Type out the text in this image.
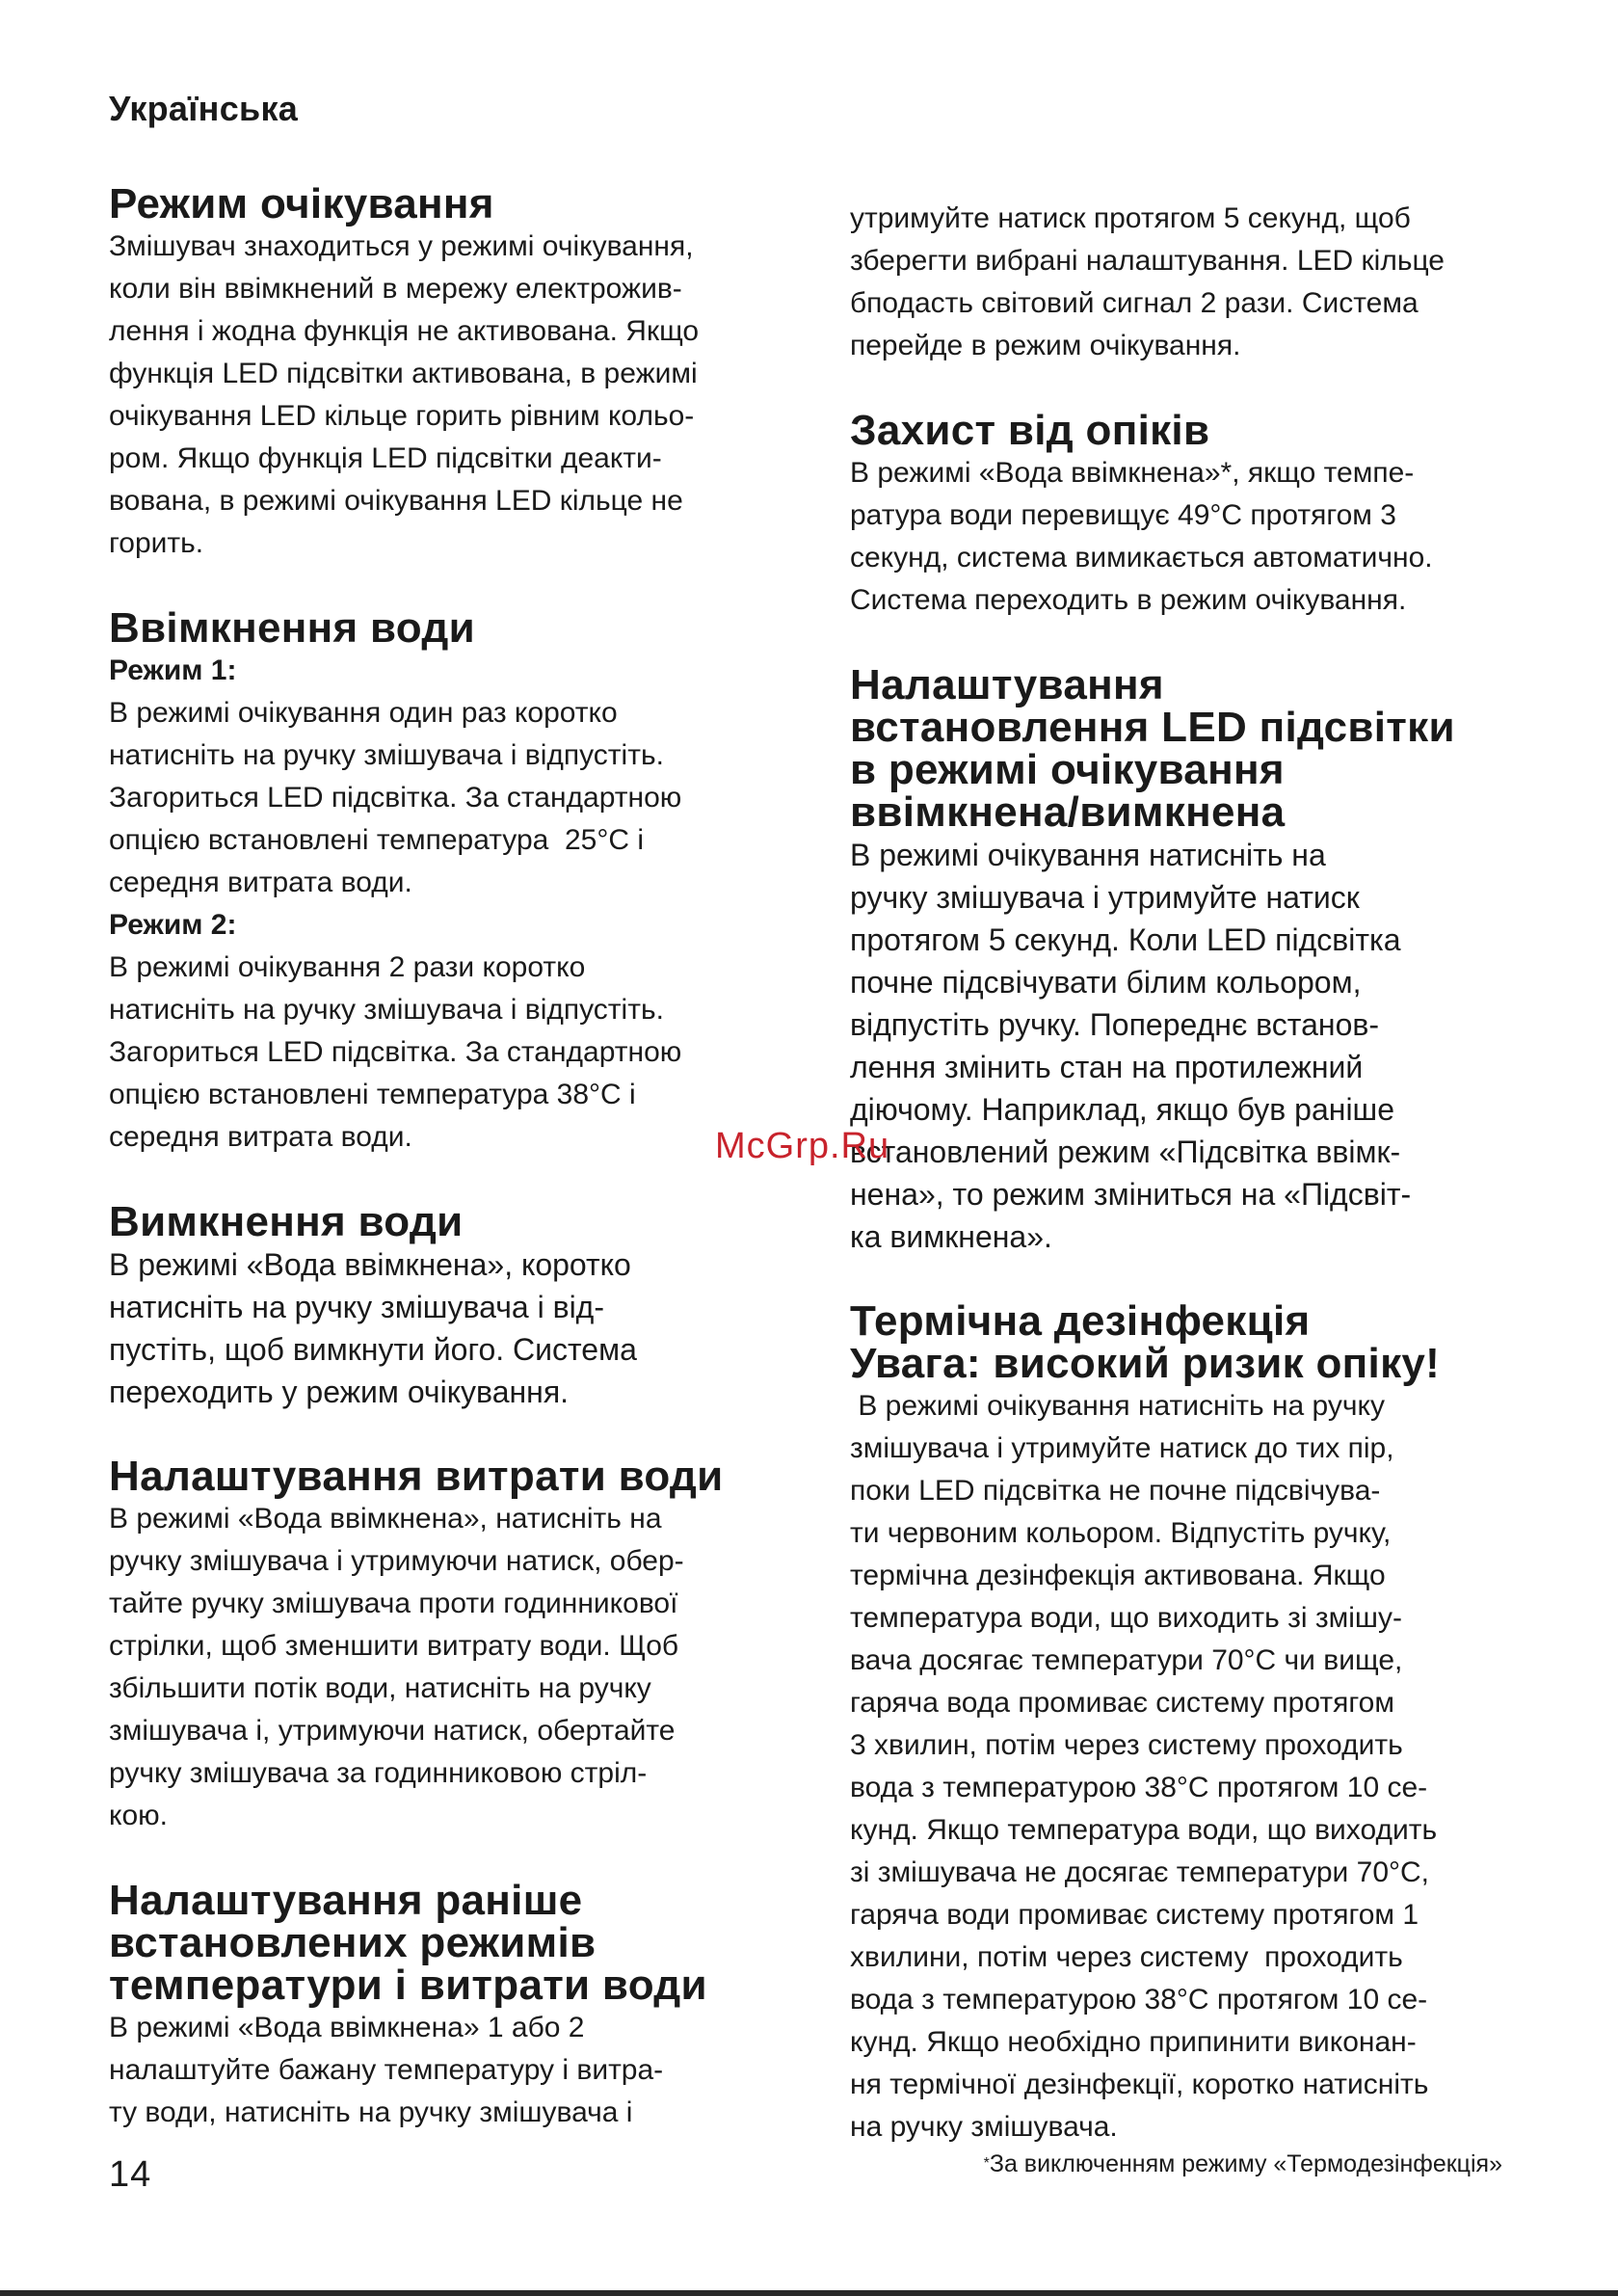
Українська
Режим очікування

Змішувач знаходиться у режимі очікування,

коли він ввімкнений в мережу електрожив-

лення і жодна функція не активована. Якщо

функція LED підсвітки активована, в режимі

очікування LED кільце горить рівним кольо-

ром. Якщо функція LED підсвітки деакти-

вована, в режимі очікування LED кільце не

горить.

Ввімкнення води

Режим 1:

В режимі очікування один раз коротко

натисніть на ручку змішувача і відпустіть.

Загориться LED підсвітка. За стандартною

опцією встановлені температура  25°С і

середня витрата води.

Режим 2:

В режимі очікування 2 рази коротко

натисніть на ручку змішувача і відпустіть.

Загориться LED підсвітка. За стандартною

опцією встановлені температура 38°С і

середня витрата води.

Вимкнення води

В режимі «Вода ввімкнена», коротко

натисніть на ручку змішувача і від-

пустіть, щоб вимкнути його. Система

переходить у режим очікування.

Налаштування витрати води

В режимі «Вода ввімкнена», натисніть на

ручку змішувача і утримуючи натиск, обер-

тайте ручку змішувача проти годинникової

стрілки, щоб зменшити витрату води. Щоб

збільшити потік води, натисніть на ручку

змішувача і, утримуючи натиск, обертайте

ручку змішувача за годинниковою стріл-

кою.

Налаштування раніше
встановлених режимів
температури і витрати води

В режимі «Вода ввімкнена» 1 або 2

налаштуйте бажану температуру і витра-

ту води, натисніть на ручку змішувача і

утримуйте натиск протягом 5 секунд, щоб

зберегти вибрані налаштування. LED кільце

бподасть світовий сигнал 2 рази. Система

перейде в режим очікування.

Захист від опіків

В режимі «Вода ввімкнена»*, якщо темпе-

ратура води перевищує 49°С протягом 3

секунд, система вимикається автоматично.

Система переходить в режим очікування.

Налаштування
встановлення LED підсвітки
в режимі очікування
ввімкнена/вимкнена

В режимі очікування натисніть на

ручку змішувача і утримуйте натиск

протягом 5 секунд. Коли LED підсвітка

почне підсвічувати білим кольором,

відпустіть ручку. Попереднє встанов-

лення змінить стан на протилежний

діючому. Наприклад, якщо був раніше

встановлений режим «Підсвітка ввімк-

нена», то режим зміниться на «Підсвіт-

ка вимкнена».

Термічна дезінфекція
Увага: високий ризик опіку!

В режимі очікування натисніть на ручку

змішувача і утримуйте натиск до тих пір,

поки LED підсвітка не почне підсвічува-

ти червоним кольором. Відпустіть ручку,

термічна дезінфекція активована. Якщо

температура води, що виходить зі змішу-

вача досягає температури 70°С чи вище,

гаряча вода промиває систему протягом

3 хвилин, потім через систему проходить

вода з температурою 38°С протягом 10 се-

кунд. Якщо температура води, що виходить

зі змішувача не досягає температури 70°С,

гаряча води промиває систему протягом 1

хвилини, потім через систему  проходить

вода з температурою 38°С протягом 10 се-

кунд. Якщо необхідно припинити виконан-

ня термічної дезінфекції, коротко натисніть

на ручку змішувача.

McGrp.Ru
*За виключенням режиму «Термодезінфекція»
14
